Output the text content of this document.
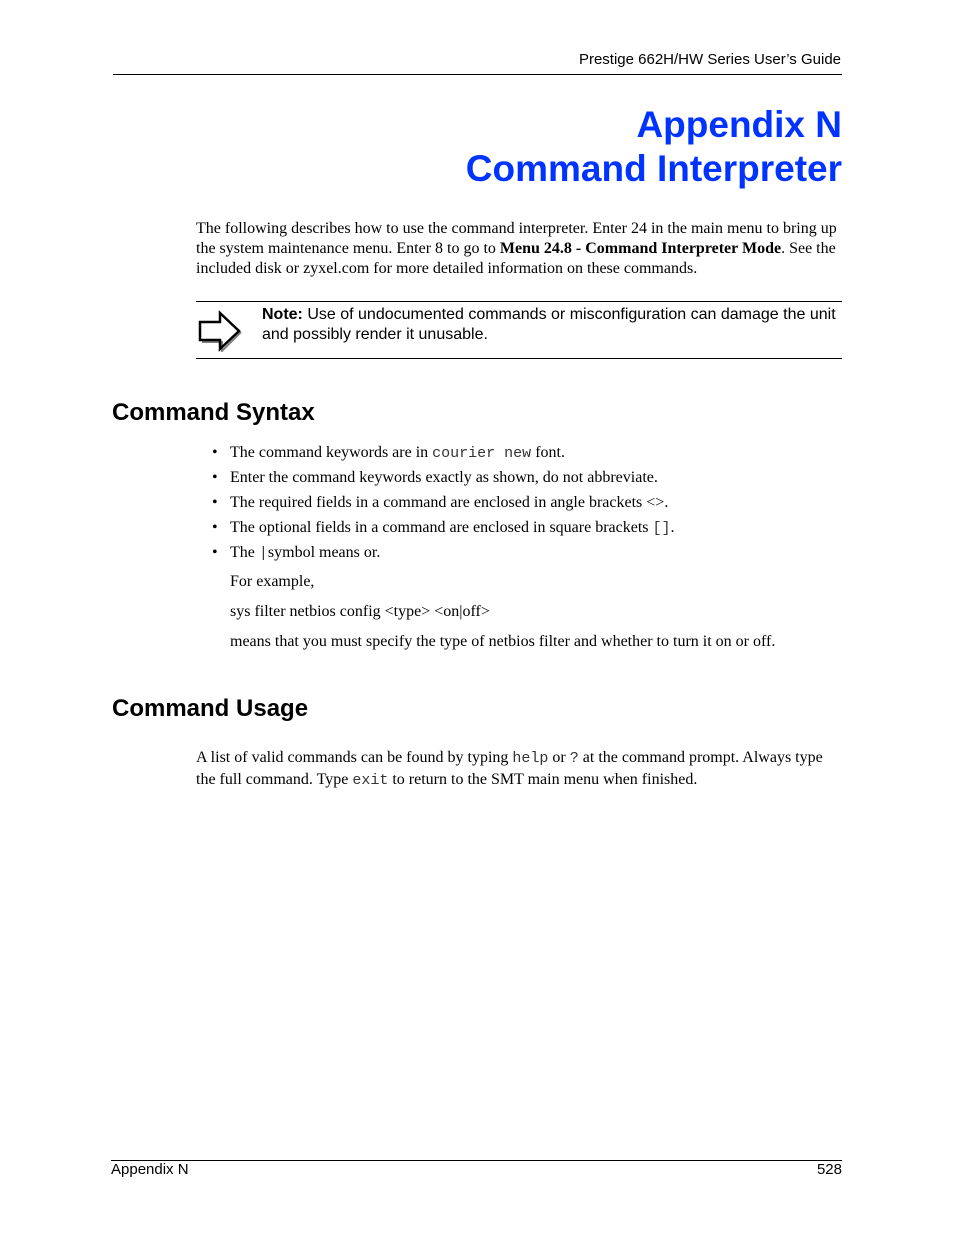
Prestige 662H/HW Series User’s Guide
Appendix N
Command Interpreter
The following describes how to use the command interpreter. Enter 24 in the main menu to bring up the system maintenance menu. Enter 8 to go to Menu 24.8 - Command Interpreter Mode. See the included disk or zyxel.com for more detailed information on these commands.
Note: Use of undocumented commands or misconfiguration can damage the unit and possibly render it unusable.
Command Syntax
• The command keywords are in courier new font.
• Enter the command keywords exactly as shown, do not abbreviate.
• The required fields in a command are enclosed in angle brackets <>.
• The optional fields in a command are enclosed in square brackets [].
• The |symbol means or.
For example,
sys filter netbios config <type> <on|off>
means that you must specify the type of netbios filter and whether to turn it on or off.
Command Usage
A list of valid commands can be found by typing help or ? at the command prompt. Always type the full command. Type exit to return to the SMT main menu when finished.
Appendix N	528
